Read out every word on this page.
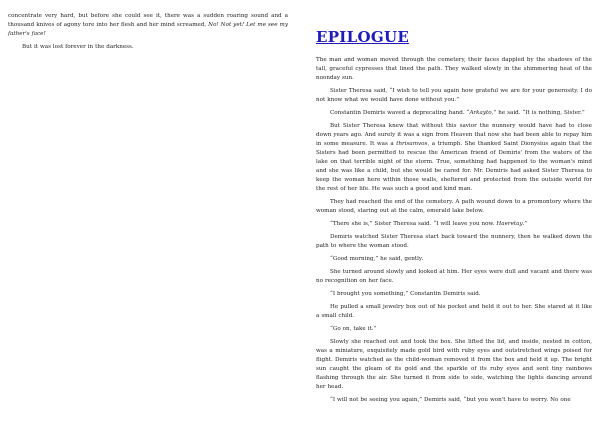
concentrate very hard, but before she could see it, there was a sudden roaring sound and a thousand knives of agony tore into her flesh and her mind screamed, No! Not yet! Let me see my father's face!

But it was lost forever in the darkness.

EPILOGUE

The man and woman moved through the cemetery, their faces dappled by the shadows of the tall, graceful cypresses that lined the path. They walked slowly in the shimmering heat of the noonday sun.

Sister Theresa said, “I wish to tell you again how grateful we are for your generosity. I do not know what we would have done without you.”

Constantin Demiris waved a deprecating hand. “Arkayto,” he said. “It is nothing, Sister.”

But Sister Theresa knew that without this savior the nunnery would have had to close down years ago. And surely it was a sign from Heaven that now she had been able to repay him in some measure. It was a thrisamvos, a triumph. She thanked Saint Dionysius again that the Sisters had been permitted to rescue the American friend of Demiris' from the waters of the lake on that terrible night of the storm. True, something had happened to the woman's mind and she was like a child, but she would be cared for. Mr. Demiris had asked Sister Theresa to keep the woman here within those walls, sheltered and protected from the outside world for the rest of her life. He was such a good and kind man.

They had reached the end of the cemetery. A path wound down to a promontory where the woman stood, staring out at the calm, emerald lake below.

“There she is,” Sister Theresa said. “I will leave you now. Haeretay.”

Demiris watched Sister Theresa start back toward the nunnery, then he walked down the path to where the woman stood.

“Good morning,” he said, gently.

She turned around slowly and looked at him. Her eyes were dull and vacant and there was no recognition on her face.

“I brought you something,” Constantin Demiris said.

He pulled a small jewelry box out of his pocket and held it out to her. She stared at it like a small child.

“Go on, take it.”

Slowly she reached out and took the box. She lifted the lid, and inside, nested in cotton, was a miniature, exquisitely made gold bird with ruby eyes and outstretched wings poised for flight. Demiris watched as the child-woman removed it from the box and held it up. The bright sun caught the gleam of its gold and the sparkle of its ruby eyes and sent tiny rainbows flashing through the air. She turned it from side to side, watching the lights dancing around her head.

“I will not be seeing you again,” Demiris said, “but you won't have to worry. No one
